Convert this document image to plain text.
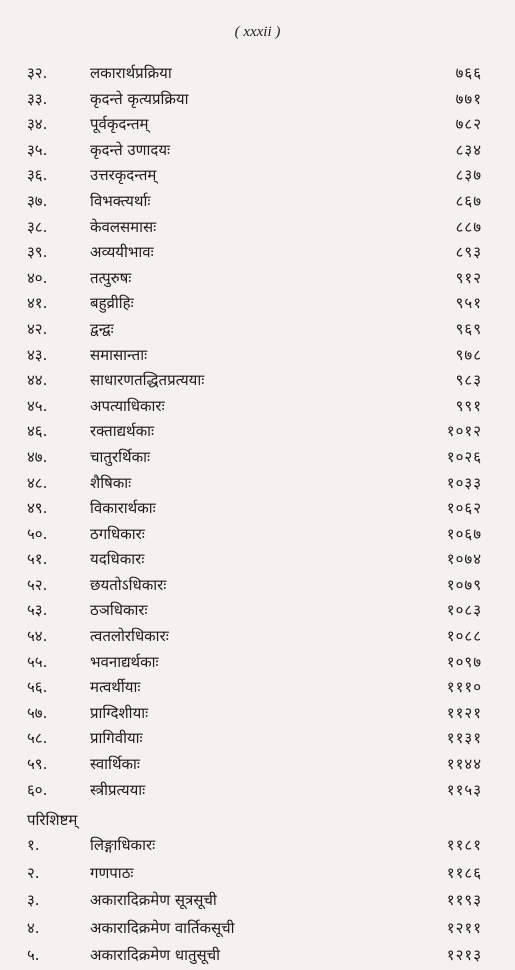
( xxxii )
३२.	लकारार्थप्रक्रिया	७६६
३३.	कृदन्ते कृत्यप्रक्रिया	७७१
३४.	पूर्वकृदन्तम्	७८२
३५.	कृदन्ते उणादयः	८३४
३६.	उत्तरकृदन्तम्	८३७
३७.	विभक्त्यर्थाः	८६७
३८.	केवलसमासः	८८७
३९.	अव्ययीभावः	८९३
४०.	तत्पुरुषः	९१२
४१.	बहुव्रीहिः	९५१
४२.	द्वन्द्वः	९६९
४३.	समासान्ताः	९७८
४४.	साधारणतद्धितप्रत्ययाः	९८३
४५.	अपत्याधिकारः	९९१
४६.	रक्ताद्यर्थकाः	१०१२
४७.	चातुरर्थिकाः	१०२६
४८.	शैषिकाः	१०३३
४९.	विकारार्थकाः	१०६२
५०.	ठगधिकारः	१०६७
५१.	यदधिकारः	१०७४
५२.	छयतोऽधिकारः	१०७९
५३.	ठञधिकारः	१०८३
५४.	त्वतलोरधिकारः	१०८८
५५.	भवनाद्यर्थकाः	१०९७
५६.	मत्वर्थीयाः	१११०
५७.	प्राग्दिशीयाः	११२१
५८.	प्रागिवीयाः	११३१
५९.	स्वार्थिकाः	११४४
६०.	स्त्रीप्रत्ययाः	११५३
परिशिष्टम्
१.	लिङ्गाधिकारः	११८१
२.	गणपाठः	११८६
३.	अकारादिक्रमेण सूत्रसूची	११९३
४.	अकारादिक्रमेण वार्तिकसूची	१२११
५.	अकारादिक्रमेण धातुसूची	१२१३
